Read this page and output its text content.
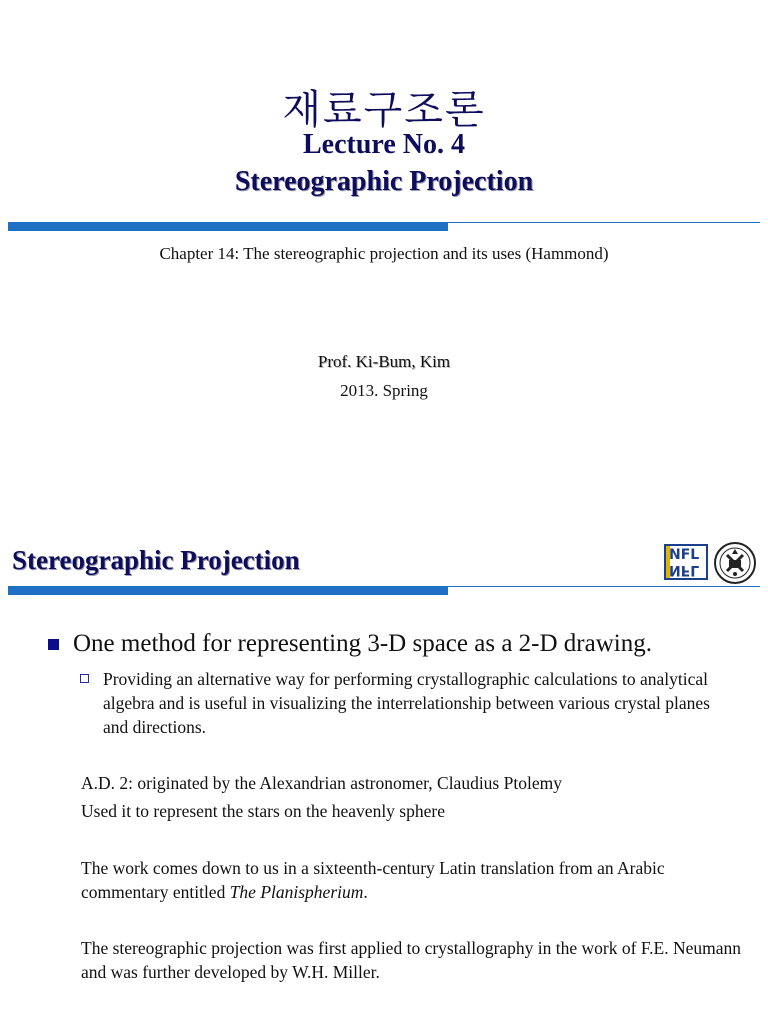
재료구조론
Lecture No. 4
Stereographic Projection
Chapter 14: The stereographic projection and its uses (Hammond)
Prof. Ki-Bum, Kim
2013. Spring
Stereographic Projection	NFL
NFL
One method for representing 3-D space as a 2-D drawing.
Providing an alternative way for performing crystallographic calculations to analytical algebra and is useful in visualizing the interrelationship between various crystal planes and directions.
A.D. 2: originated by the Alexandrian astronomer, Claudius Ptolemy
Used it to represent the stars on the heavenly sphere
The work comes down to us in a sixteenth-century Latin translation from an Arabic commentary entitled The Planispherium.
The stereographic projection was first applied to crystallography in the work of F.E. Neumann and was further developed by W.H. Miller.
